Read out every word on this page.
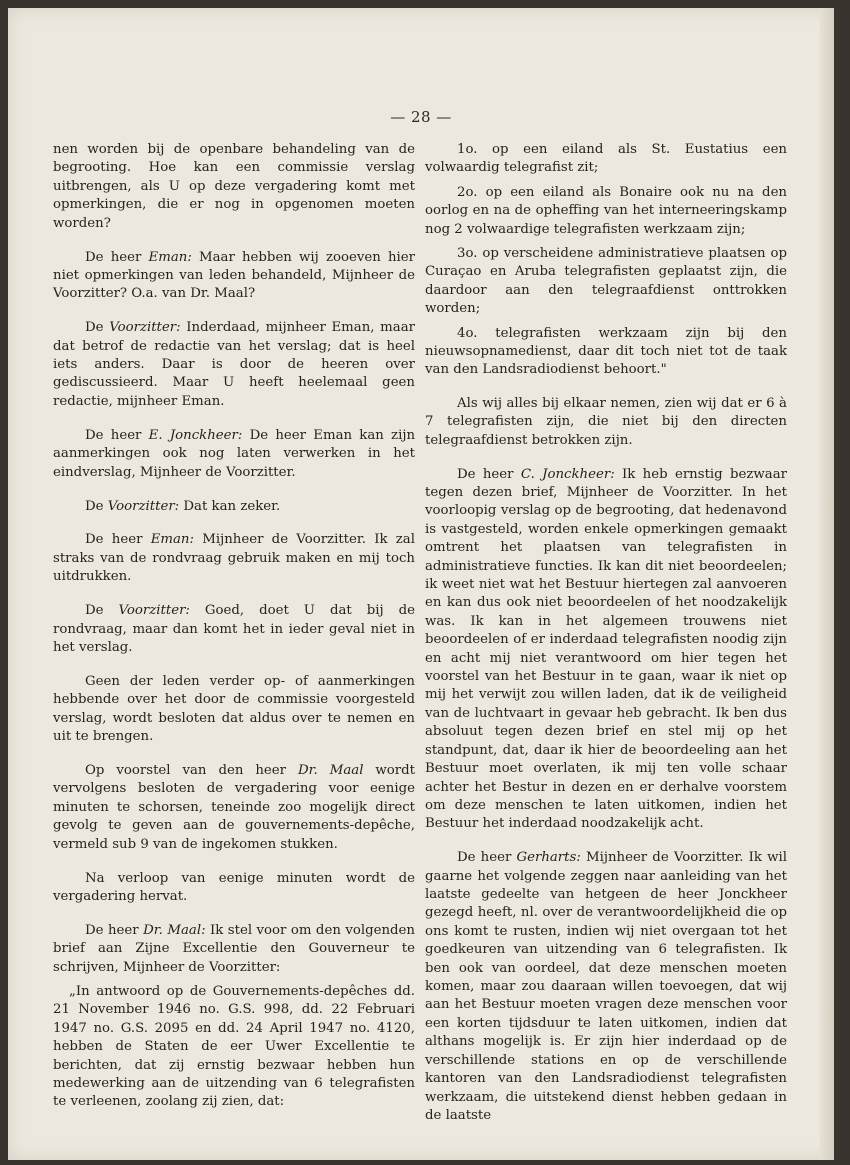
— 28 —

nen worden bij de openbare behandeling van de begrooting. Hoe kan een commissie verslag uitbrengen, als U op deze vergadering komt met opmerkingen, die er nog in opgenomen moeten worden?

De heer Eman: Maar hebben wij zooeven hier niet opmerkingen van leden behandeld, Mijnheer de Voorzitter? O.a. van Dr. Maal?

De Voorzitter: Inderdaad, mijnheer Eman, maar dat betrof de redactie van het verslag; dat is heel iets anders. Daar is door de heeren over gediscussieerd. Maar U heeft heelemaal geen redactie, mijnheer Eman.

De heer E. Jonckheer: De heer Eman kan zijn aanmerkingen ook nog laten verwerken in het eindverslag, Mijnheer de Voorzitter.

De Voorzitter: Dat kan zeker.

De heer Eman: Mijnheer de Voorzitter. Ik zal straks van de rondvraag gebruik maken en mij toch uitdrukken.

De Voorzitter: Goed, doet U dat bij de rondvraag, maar dan komt het in ieder geval niet in het verslag.

Geen der leden verder op- of aanmerkingen hebbende over het door de commissie voorgesteld verslag, wordt besloten dat aldus over te nemen en uit te brengen.

Op voorstel van den heer Dr. Maal wordt vervolgens besloten de vergadering voor eenige minuten te schorsen, teneinde zoo mogelijk direct gevolg te geven aan de gouvernements-depêche, vermeld sub 9 van de ingekomen stukken.

Na verloop van eenige minuten wordt de vergadering hervat.

De heer Dr. Maal: Ik stel voor om den volgenden brief aan Zijne Excellentie den Gouverneur te schrijven, Mijnheer de Voorzitter:

„In antwoord op de Gouvernements-depêches dd. 21 November 1946 no. G.S. 998, dd. 22 Februari 1947 no. G.S. 2095 en dd. 24 April 1947 no. 4120, hebben de Staten de eer Uwer Excellentie te berichten, dat zij ernstig bezwaar hebben hun medewerking aan de uitzending van 6 telegrafisten te verleenen, zoolang zij zien, dat:

1o. op een eiland als St. Eustatius een volwaardig telegrafist zit;

2o. op een eiland als Bonaire ook nu na den oorlog en na de opheffing van het interneeringskamp nog 2 volwaardige telegrafisten werkzaam zijn;

3o. op verscheidene administratieve plaatsen op Curaçao en Aruba telegrafisten geplaatst zijn, die daardoor aan den telegraafdienst onttrokken worden;

4o. telegrafisten werkzaam zijn bij den nieuwsopnamedienst, daar dit toch niet tot de taak van den Landsradiodienst behoort."

Als wij alles bij elkaar nemen, zien wij dat er 6 à 7 telegrafisten zijn, die niet bij den directen telegraafdienst betrokken zijn.

De heer C. Jonckheer: Ik heb ernstig bezwaar tegen dezen brief, Mijnheer de Voorzitter. In het voorloopig verslag op de begrooting, dat hedenavond is vastgesteld, worden enkele opmerkingen gemaakt omtrent het plaatsen van telegrafisten in administratieve functies. Ik kan dit niet beoordeelen; ik weet niet wat het Bestuur hiertegen zal aanvoeren en kan dus ook niet beoordeelen of het noodzakelijk was. Ik kan in het algemeen trouwens niet beoordeelen of er inderdaad telegrafisten noodig zijn en acht mij niet verantwoord om hier tegen het voorstel van het Bestuur in te gaan, waar ik niet op mij het verwijt zou willen laden, dat ik de veiligheid van de luchtvaart in gevaar heb gebracht. Ik ben dus absoluut tegen dezen brief en stel mij op het standpunt, dat, daar ik hier de beoordeeling aan het Bestuur moet overlaten, ik mij ten volle schaar achter het Bestur in dezen en er derhalve voorstem om deze menschen te laten uitkomen, indien het Bestuur het inderdaad noodzakelijk acht.

De heer Gerharts: Mijnheer de Voorzitter. Ik wil gaarne het volgende zeggen naar aanleiding van het laatste gedeelte van hetgeen de heer Jonckheer gezegd heeft, nl. over de verantwoordelijkheid die op ons komt te rusten, indien wij niet overgaan tot het goedkeuren van uitzending van 6 telegrafisten. Ik ben ook van oordeel, dat deze menschen moeten komen, maar zou daaraan willen toevoegen, dat wij aan het Bestuur moeten vragen deze menschen voor een korten tijdsduur te laten uitkomen, indien dat althans mogelijk is. Er zijn hier inderdaad op de verschillende stations en op de verschillende kantoren van den Landsradiodienst telegrafisten werkzaam, die uitstekend dienst hebben gedaan in de laatste
